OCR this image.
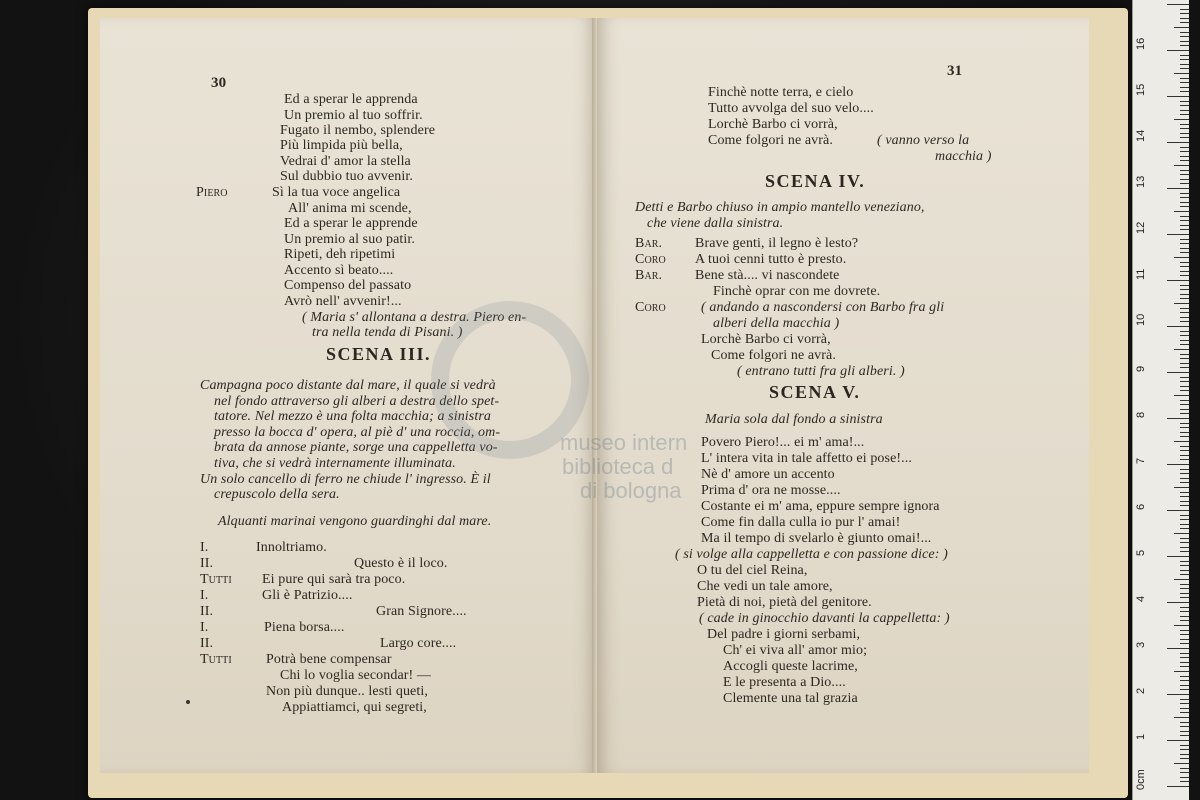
30
Ed a sperar le apprenda
Un premio al tuo soffrir.
Fugato il nembo, splendere
Più limpida più bella,
Vedrai d' amor la stella
Sul dubbio tuo avvenir.
Piero	Sì la tua voce angelica
All' anima mi scende,
Ed a sperar le apprende
Un premio al suo patir.
Ripeti, deh ripetimi
Accento sì beato....
Compenso del passato
Avrò nell' avvenir!...
( Maria s' allontana a destra. Piero en-
tra nella tenda di Pisani. )
SCENA III.
Campagna poco distante dal mare, il quale si vedrà
nel fondo attraverso gli alberi a destra dello spet-
tatore. Nel mezzo è una folta macchia; a sinistra
presso la bocca d' opera, al piè d' una roccia, om-
brata da annose piante, sorge una cappelletta vo-
tiva, che si vedrà internamente illuminata.
Un solo cancello di ferro ne chiude l' ingresso. È il
crepuscolo della sera.
Alquanti marinai vengono guardinghi dal mare.
I.	Innoltriamo.
II.	Questo è il loco.
Tutti Ei pure qui sarà tra poco.
I.	Gli è Patrizio....
II.	Gran Signore....
I.	Piena borsa....
II.	Largo core....
Tutti Potrà bene compensar
Chi lo voglia secondar! —
Non più dunque.. lesti queti,
Appiattiamci, qui segreti,
31
Finchè notte terra, e cielo
Tutto avvolga del suo velo....
Lorchè Barbo ci vorrà,
Come folgori ne avrà.	( vanno verso la
macchia )
SCENA IV.
Detti e Barbo chiuso in ampio mantello veneziano,
che viene dalla sinistra.
Bar. Brave genti, il legno è lesto?
Coro A tuoi cenni tutto è presto.
Bar. Bene stà.... vi nascondete
Finchè oprar con me dovrete.
Coro	( andando a nascondersi con Barbo fra gli
alberi della macchia )
Lorchè Barbo ci vorrà,
Come folgori ne avrà.
( entrano tutti fra gli alberi. )
SCENA V.
Maria sola dal fondo a sinistra
Povero Piero!... ei m' ama!...
L' intera vita in tale affetto ei pose!...
Nè d' amore un accento
Prima d' ora ne mosse....
Costante ei m' ama, eppure sempre ignora
Come fin dalla culla io pur l' amai!
Ma il tempo di svelarlo è giunto omai!...
( si volge alla cappelletta e con passione dice: )
O tu del ciel Reina,
Che vedi un tale amore,
Pietà di noi, pietà del genitore.
( cade in ginocchio davanti la cappelletta: )
Del padre i giorni serbami,
Ch' ei viva all' amor mio;
Accogli queste lacrime,
E le presenta a Dio....
Clemente una tal grazia
museo intern
biblioteca d
di bologna
0cm
1
2
3
4
5
6
7
8
9
10
11
12
13
14
15
16
